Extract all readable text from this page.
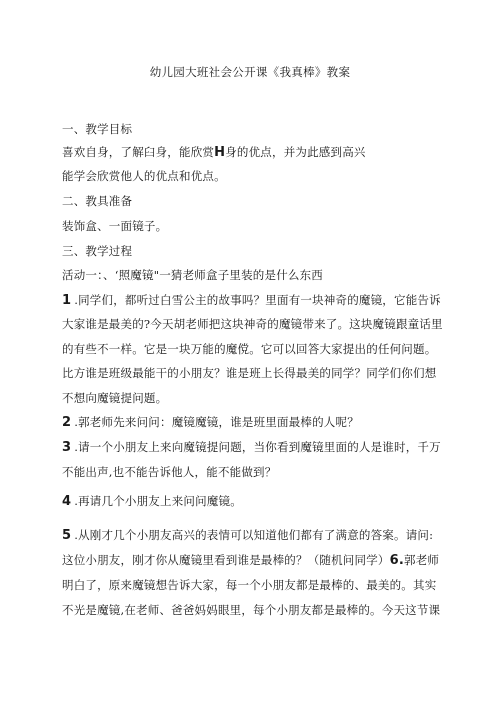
幼儿园大班社会公开课《我真棒》教案
一、教学目标
喜欢自身，了解臼身，能欣赏H身的优点，并为此感到高兴
能学会欣赏他人的优点和优点。
二、教具准备
装饰盒、一面镜子。
三、教学过程
活动一：、‘照魔镜"一猜老师盒子里装的是什么东西
1 .同学们，都听过白雪公主的故事吗？里面有一块神奇的魔镜，它能告诉
大家谁是最美的?今天胡老师把这块神奇的魔镜带来了。这块魔镜跟童话里
的有些不一样。它是一块万能的魔傥。它可以回答大家提出的任何问题。
比方谁是班级最能干的小朋友？谁是班上长得最美的同学？同学们你们想
不想向魔镜提问题。
2 .郭老师先来问问：魔镜魔镜，谁是班里面最棒的人呢？
3 .请一个小朋友上来向魔镜提问题，当你看到魔镜里面的人是谁时，千万
不能出声,也不能告诉他人，能不能做到？
4 .再请几个小朋友上来问问魔镜。
5 .从刚才几个小朋友高兴的表情可以知道他们都有了满意的答案。请问:
这位小朋友，刚才你从魔镜里看到谁是最棒的？（随机问同学）6.郭老师
明白了，原来魔镜想告诉大家，每一个小朋友都是最棒的、最美的。其实
不光是魔镜,在老师、爸爸妈妈眼里，每个小朋友都是最棒的。今天这节课
